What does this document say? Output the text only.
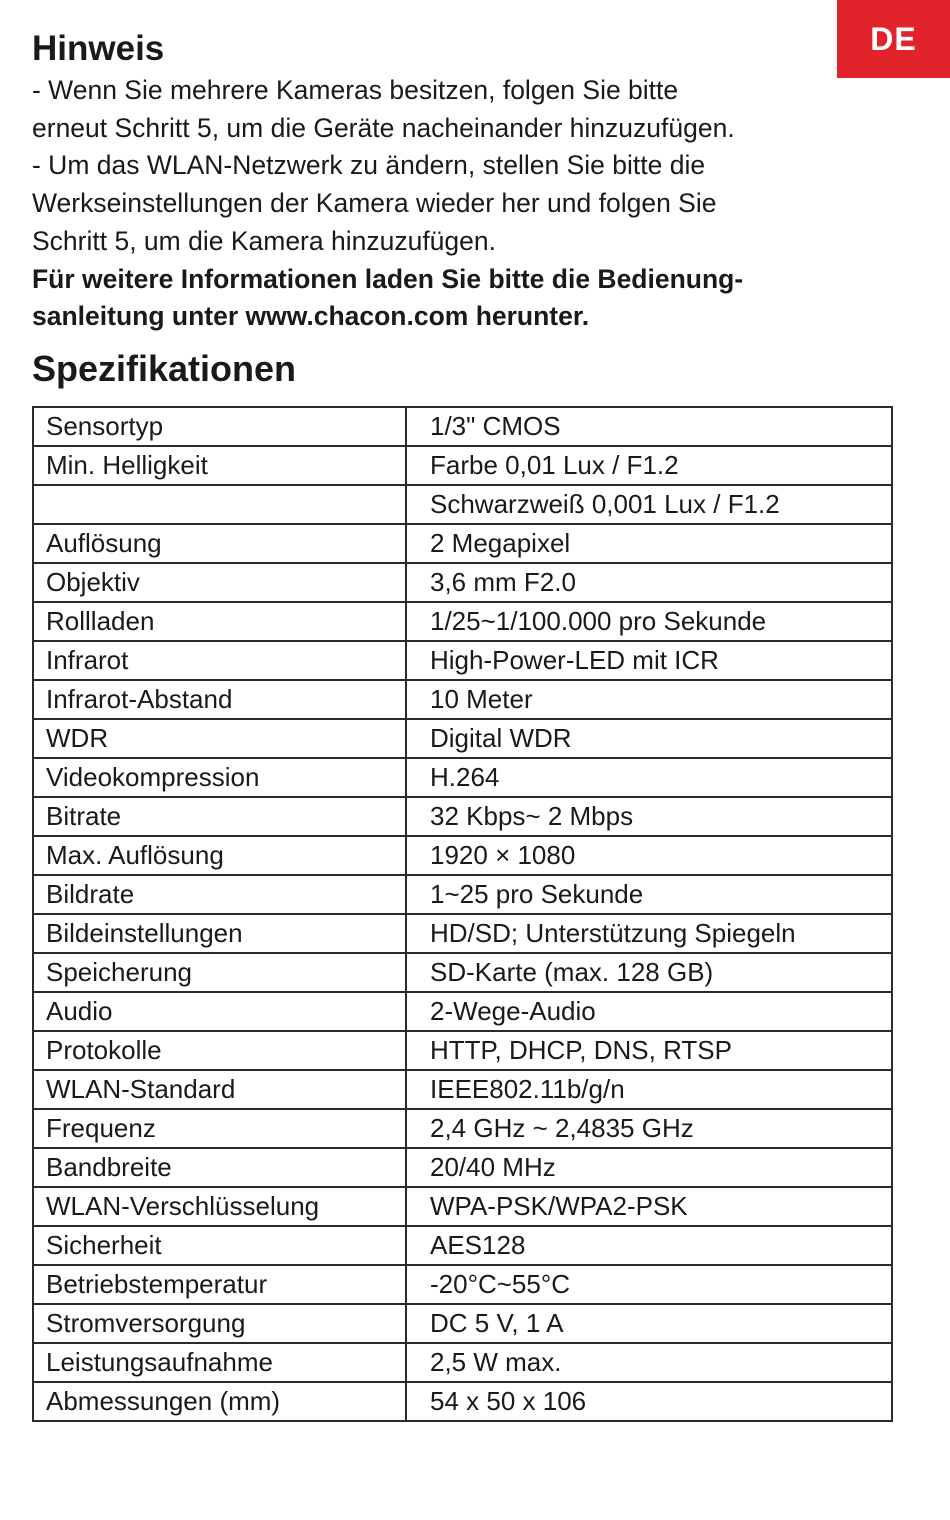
DE
Hinweis

- Wenn Sie mehrere Kameras besitzen, folgen Sie bitte

erneut Schritt 5, um die Geräte nacheinander hinzuzufügen.

- Um das WLAN-Netzwerk zu ändern, stellen Sie bitte die

Werkseinstellungen der Kamera wieder her und folgen Sie

Schritt 5, um die Kamera hinzuzufügen.

Für weitere Informationen laden Sie bitte die Bedienung-

sanleitung unter www.chacon.com herunter.

Spezifikationen
Sensortyp	1/3" CMOS
Min. Helligkeit	Farbe 0,01 Lux / F1.2
	Schwarzweiß 0,001 Lux / F1.2
Auflösung	2 Megapixel
Objektiv	3,6 mm F2.0
Rollladen	1/25~1/100.000 pro Sekunde
Infrarot	High-Power-LED mit ICR
Infrarot-Abstand	10 Meter
WDR	Digital WDR
Videokompression	H.264
Bitrate	32 Kbps~ 2 Mbps
Max. Auflösung	1920 × 1080
Bildrate	1~25 pro Sekunde
Bildeinstellungen	HD/SD; Unterstützung Spiegeln
Speicherung	SD-Karte (max. 128 GB)
Audio	2-Wege-Audio
Protokolle	HTTP, DHCP, DNS, RTSP
WLAN-Standard	IEEE802.11b/g/n
Frequenz	2,4 GHz ~ 2,4835 GHz
Bandbreite	20/40 MHz
WLAN-Verschlüsselung	WPA-PSK/WPA2-PSK
Sicherheit	AES128
Betriebstemperatur	-20°C~55°C
Stromversorgung	DC 5 V, 1 A
Leistungsaufnahme	2,5 W max.
Abmessungen (mm)	54 x 50 x 106
